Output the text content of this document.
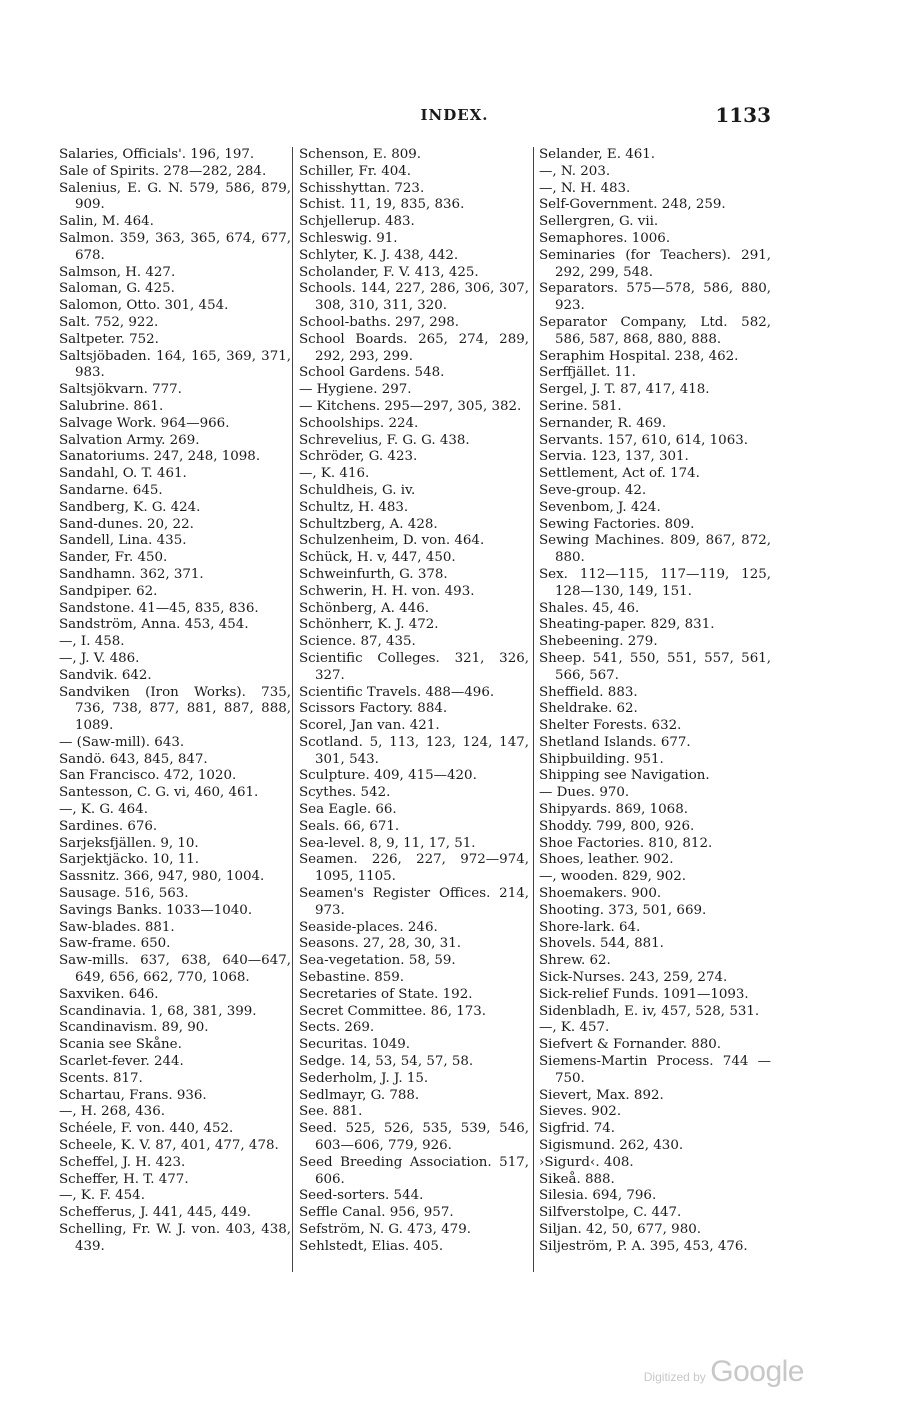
INDEX.	1133
Salaries, Officials'. 196, 197.
Sale of Spirits. 278—282, 284.
Salenius, E. G. N. 579, 586, 879, 909.
Salin, M. 464.
Salmon. 359, 363, 365, 674, 677, 678.
Salmson, H. 427.
Saloman, G. 425.
Salomon, Otto. 301, 454.
Salt. 752, 922.
Saltpeter. 752.
Saltsjöbaden. 164, 165, 369, 371, 983.
Saltsjökvarn. 777.
Salubrine. 861.
Salvage Work. 964—966.
Salvation Army. 269.
Sanatoriums. 247, 248, 1098.
Sandahl, O. T. 461.
Sandarne. 645.
Sandberg, K. G. 424.
Sand-dunes. 20, 22.
Sandell, Lina. 435.
Sander, Fr. 450.
Sandhamn. 362, 371.
Sandpiper. 62.
Sandstone. 41—45, 835, 836.
Sandström, Anna. 453, 454.
—, I. 458.
—, J. V. 486.
Sandvik. 642.
Sandviken (Iron Works). 735, 736, 738, 877, 881, 887, 888, 1089.
— (Saw-mill). 643.
Sandö. 643, 845, 847.
San Francisco. 472, 1020.
Santesson, C. G. vi, 460, 461.
—, K. G. 464.
Sardines. 676.
Sarjeksfjällen. 9, 10.
Sarjektjäcko. 10, 11.
Sassnitz. 366, 947, 980, 1004.
Sausage. 516, 563.
Savings Banks. 1033—1040.
Saw-blades. 881.
Saw-frame. 650.
Saw-mills. 637, 638, 640—647, 649, 656, 662, 770, 1068.
Saxviken. 646.
Scandinavia. 1, 68, 381, 399.
Scandinavism. 89, 90.
Scania see Skåne.
Scarlet-fever. 244.
Scents. 817.
Schartau, Frans. 936.
—, H. 268, 436.
Schéele, F. von. 440, 452.
Scheele, K. V. 87, 401, 477, 478.
Scheffel, J. H. 423.
Scheffer, H. T. 477.
—, K. F. 454.
Schefferus, J. 441, 445, 449.
Schelling, Fr. W. J. von. 403, 438, 439.
Schenson, E. 809.
Schiller, Fr. 404.
Schisshyttan. 723.
Schist. 11, 19, 835, 836.
Schjellerup. 483.
Schleswig. 91.
Schlyter, K. J. 438, 442.
Scholander, F. V. 413, 425.
Schools. 144, 227, 286, 306, 307, 308, 310, 311, 320.
School-baths. 297, 298.
School Boards. 265, 274, 289, 292, 293, 299.
School Gardens. 548.
— Hygiene. 297.
— Kitchens. 295—297, 305, 382.
Schoolships. 224.
Schrevelius, F. G. G. 438.
Schröder, G. 423.
—, K. 416.
Schuldheis, G. iv.
Schultz, H. 483.
Schultzberg, A. 428.
Schulzenheim, D. von. 464.
Schück, H. v, 447, 450.
Schweinfurth, G. 378.
Schwerin, H. H. von. 493.
Schönberg, A. 446.
Schönherr, K. J. 472.
Science. 87, 435.
Scientific Colleges. 321, 326, 327.
Scientific Travels. 488—496.
Scissors Factory. 884.
Scorel, Jan van. 421.
Scotland. 5, 113, 123, 124, 147, 301, 543.
Sculpture. 409, 415—420.
Scythes. 542.
Sea Eagle. 66.
Seals. 66, 671.
Sea-level. 8, 9, 11, 17, 51.
Seamen. 226, 227, 972—974, 1095, 1105.
Seamen's Register Offices. 214, 973.
Seaside-places. 246.
Seasons. 27, 28, 30, 31.
Sea-vegetation. 58, 59.
Sebastine. 859.
Secretaries of State. 192.
Secret Committee. 86, 173.
Sects. 269.
Securitas. 1049.
Sedge. 14, 53, 54, 57, 58.
Sederholm, J. J. 15.
Sedlmayr, G. 788.
See. 881.
Seed. 525, 526, 535, 539, 546, 603—606, 779, 926.
Seed Breeding Association. 517, 606.
Seed-sorters. 544.
Seffle Canal. 956, 957.
Sefström, N. G. 473, 479.
Sehlstedt, Elias. 405.
Selander, E. 461.
—, N. 203.
—, N. H. 483.
Self-Government. 248, 259.
Sellergren, G. vii.
Semaphores. 1006.
Seminaries (for Teachers). 291, 292, 299, 548.
Separators. 575—578, 586, 880, 923.
Separator Company, Ltd. 582, 586, 587, 868, 880, 888.
Seraphim Hospital. 238, 462.
Serffjället. 11.
Sergel, J. T. 87, 417, 418.
Serine. 581.
Sernander, R. 469.
Servants. 157, 610, 614, 1063.
Servia. 123, 137, 301.
Settlement, Act of. 174.
Seve-group. 42.
Sevenbom, J. 424.
Sewing Factories. 809.
Sewing Machines. 809, 867, 872, 880.
Sex. 112—115, 117—119, 125, 128—130, 149, 151.
Shales. 45, 46.
Sheating-paper. 829, 831.
Shebeening. 279.
Sheep. 541, 550, 551, 557, 561, 566, 567.
Sheffield. 883.
Sheldrake. 62.
Shelter Forests. 632.
Shetland Islands. 677.
Shipbuilding. 951.
Shipping see Navigation.
— Dues. 970.
Shipyards. 869, 1068.
Shoddy. 799, 800, 926.
Shoe Factories. 810, 812.
Shoes, leather. 902.
—, wooden. 829, 902.
Shoemakers. 900.
Shooting. 373, 501, 669.
Shore-lark. 64.
Shovels. 544, 881.
Shrew. 62.
Sick-Nurses. 243, 259, 274.
Sick-relief Funds. 1091—1093.
Sidenbladh, E. iv, 457, 528, 531.
—, K. 457.
Siefvert & Fornander. 880.
Siemens-Martin Process. 744 —750.
Sievert, Max. 892.
Sieves. 902.
Sigfrid. 74.
Sigismund. 262, 430.
›Sigurd‹. 408.
Sikeå. 888.
Silesia. 694, 796.
Silfverstolpe, C. 447.
Siljan. 42, 50, 677, 980.
Siljeström, P. A. 395, 453, 476.
Digitized by Google
